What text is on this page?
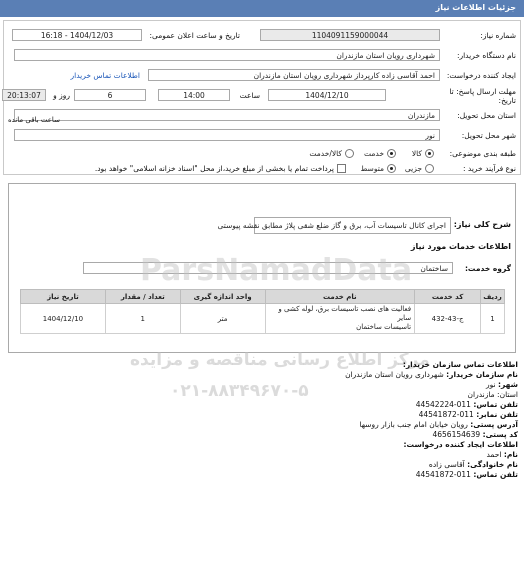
جزئیات اطلاعات نیاز
شماره نیاز:
1104091159000044
تاریخ و ساعت اعلان عمومی:
1404/12/03 - 16:18
نام دستگاه خریدار:
شهرداری رویان استان مازندران
ایجاد کننده درخواست:
احمد آقاسی زاده کارپرداز شهرداری رویان استان مازندران
اطلاعات تماس خریدار
مهلت ارسال پاسخ: تا تاریخ:
1404/12/10
ساعت
14:00
6
روز و
20:13:07
استان محل تحویل:
مازندران
شهر محل تحویل:
نور
طبقه بندی موضوعی:
کالا
خدمت
کالا/خدمت
نوع فرآیند خرید :
جزیی
متوسط
پرداخت تمام یا بخشی از مبلغ خرید،از محل "اسناد خزانه اسلامی" خواهد بود.
ساعت باقی مانده
شرح کلی نیاز:
اجرای کانال تاسیسات آب، برق و گاز ضلع شقی پلاژ مطابق نقشه پیوستی
اطلاعات خدمات مورد نیاز
گروه خدمت:
ساختمان
ParsNamadData
ردیف	کد خدمت	نام خدمت	واحد اندازه گیری	تعداد / مقدار	تاریخ نیاز
1	ج-43-432	فعالیت های نصب تاسیسات برق، لوله کشی و سایر
تاسیسات ساختمان	متر	1	1404/12/10
مرکز اطلاع رسانی مناقصه و مزایده
۰۲۱-۸۸۳۴۹۶۷۰-۵
اطلاعات تماس سازمان خریدار:
نام سازمان خریدار: شهرداری رویان استان مازندران
شهر: نور
استان: مازندران
تلفن تماس: 011-44542224
تلفن نمابر: 011-44541872
آدرس پستی: رویان خیابان امام جنب بازار روسها
کد پستی: 4656154639
اطلاعات ایجاد کننده درخواست:
نام: احمد
نام خانوادگی: آقاسی زاده
تلفن تماس: 011-44541872
